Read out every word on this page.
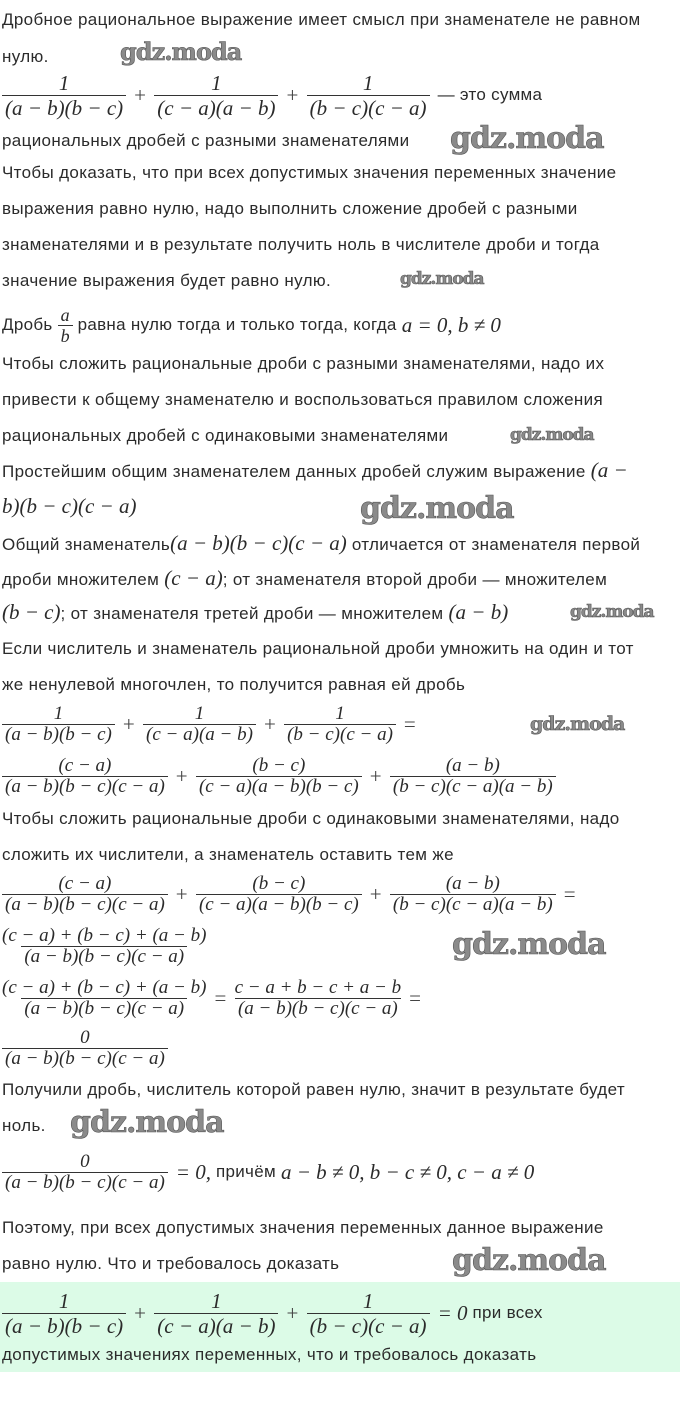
Дробное рациональное выражение имеет смысл при знаменателе не равном
нулю.
$\frac{1}{(a - b)(b - c)} + \frac{1}{(c - a)(a - b)} + \frac{1}{(b - c)(c - a)}$ — это сумма
рациональных дробей с разными знаменателями
Чтобы доказать, что при всех допустимых значения переменных значение
выражения равно нулю, надо выполнить сложение дробей с разными
знаменателями и в результате получить ноль в числителе дроби и тогда
значение выражения будет равно нулю.
Дробь
$\frac{a}{b}$
равна нулю тогда и только тогда, когда
a = 0, b ≠ 0
Чтобы сложить рациональные дроби с разными знаменателями, надо их
привести к общему знаменателю и воспользоваться правилом сложения
рациональных дробей с одинаковыми знаменателями
Простейшим общим знаменателем данных дробей служим выражение (a −
b)(b − c)(c − a)
Общий знаменатель(a − b)(b − c)(c − a) отличается от знаменателя первой
дроби множителем (c − a); от знаменателя второй дроби — множителем
(b − c); от знаменателя третей дроби — множителем (a − b)
Если числитель и знаменатель рациональной дроби умножить на один и тот
же ненулевой многочлен, то получится равная ей дробь
$\frac{1}{(a - b)(b - c)} + \frac{1}{(c - a)(a - b)} + \frac{1}{(b - c)(c - a)}$ =
$\frac{(c - a)}{(a - b)(b - c)(c - a)} + \frac{(b - c)}{(c - a)(a - b)(b - c)} + \frac{(a - b)}{(b - c)(c - a)(a - b)}$
Чтобы сложить рациональные дроби с одинаковыми знаменателями, надо
сложить их числители, а знаменатель оставить тем же
$\frac{(c - a)}{(a - b)(b - c)(c - a)} + \frac{(b - c)}{(c - a)(a - b)(b - c)} + \frac{(a - b)}{(b - c)(c - a)(a - b)}$ =
$\frac{(c - a) + (b - c) + (a - b)}{(a - b)(b - c)(c - a)}$
$\frac{(c - a) + (b - c) + (a - b)}{(a - b)(b - c)(c - a)} = \frac{c - a + b - c + a - b}{(a - b)(b - c)(c - a)}$ =
$\frac{0}{(a - b)(b - c)(c - a)}$
Получили дробь, числитель которой равен нулю, значит в результате будет
ноль.
$\frac{0}{(a - b)(b - c)(c - a)} = 0$,
причём
a − b ≠ 0, b − c ≠ 0, c − a ≠ 0
Поэтому, при всех допустимых значения переменных данное выражение
равно нулю. Что и требовалось доказать
$\frac{1}{(a - b)(b - c)} + \frac{1}{(c - a)(a - b)} + \frac{1}{(b - c)(c - a)} = 0$
при всех
допустимых значениях переменных, что и требовалось доказать
gdz.moda
gdz.moda
gdz.moda
gdz.moda
gdz.moda
gdz.moda
gdz.moda
gdz.moda
gdz.moda
gdz.moda
